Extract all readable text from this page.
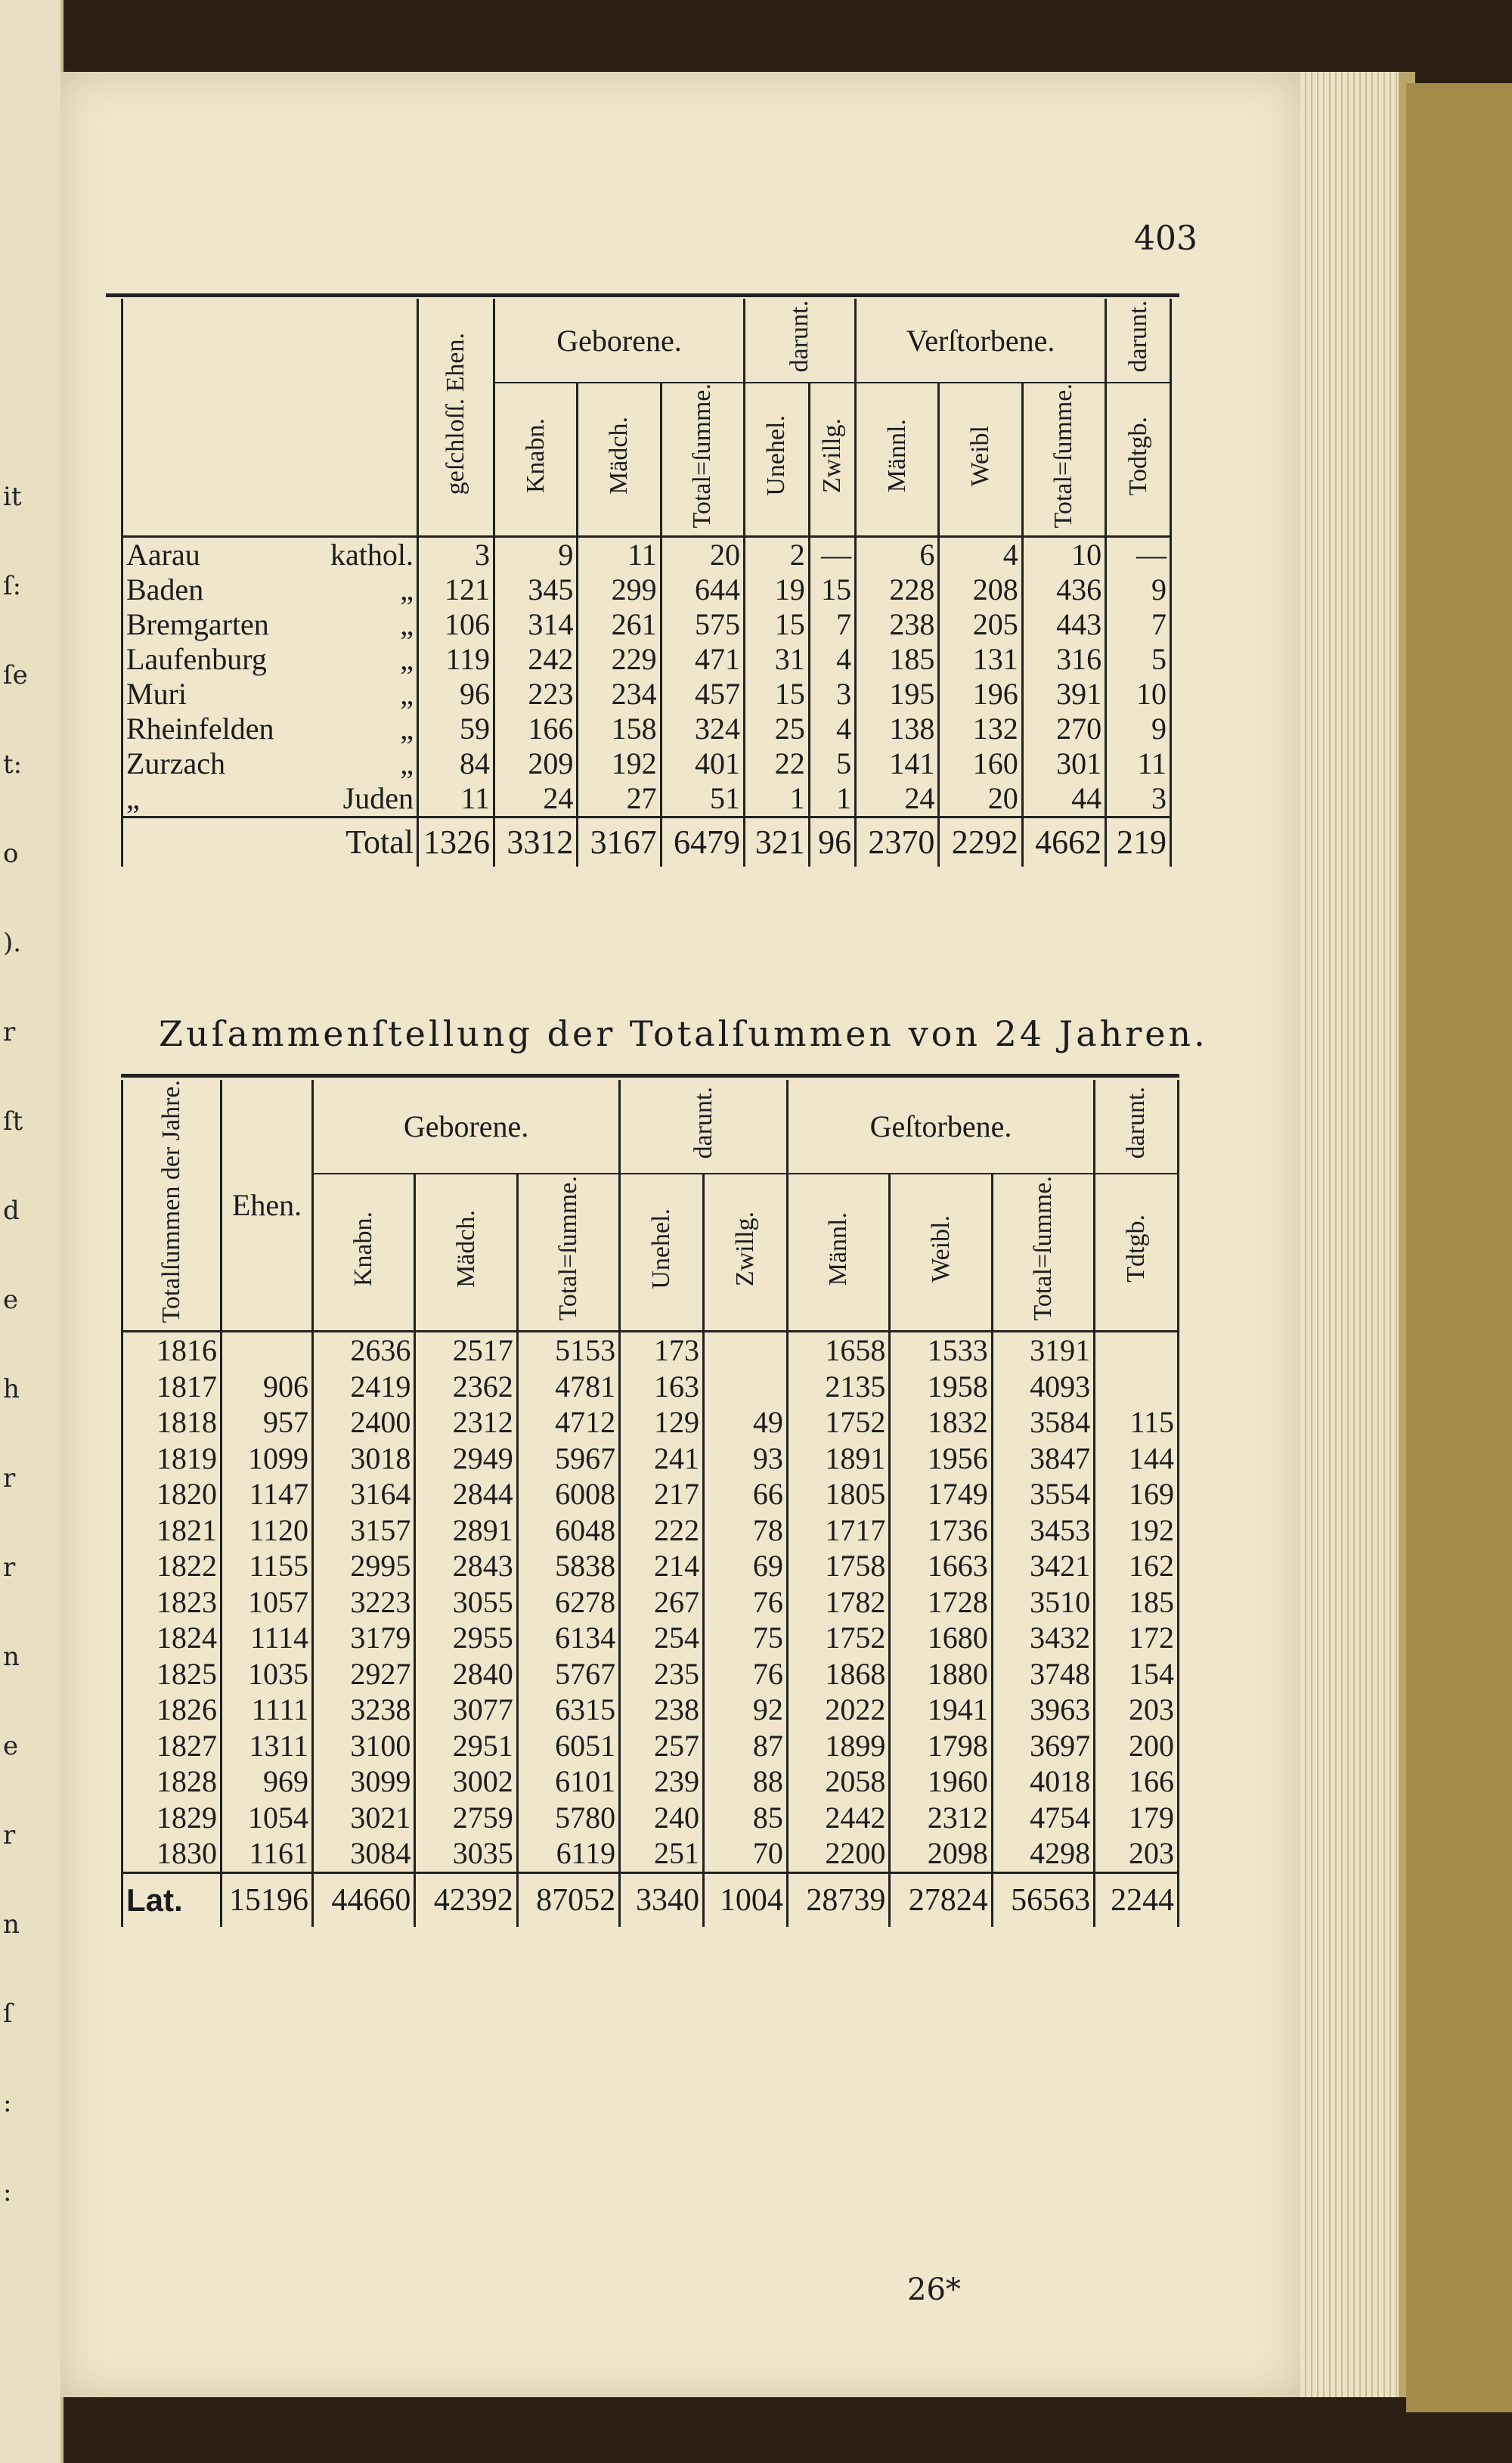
it
ſ:
ſe
t:
o
).
r
ſt
d
e
h
r
r
n
e
r
n
ſ
:
:
403
	geſchloſſ. Ehen.	Geborene.			darunt.		Verſtorbene.			darunt.
		Knabn.	Mädch.	Total=ſumme.	Unehel.	Zwillg.	Männl.	Weibl	Total=ſumme.	Todtgb.
Aarau kathol.	3	9	11	20	2	—	6	4	10	—
Baden „	121	345	299	644	19	15	228	208	436	9
Bremgarten „	106	314	261	575	15	7	238	205	443	7
Laufenburg „	119	242	229	471	31	4	185	131	316	5
Muri „	96	223	234	457	15	3	195	196	391	10
Rheinfelden „	59	166	158	324	25	4	138	132	270	9
Zurzach „	84	209	192	401	22	5	141	160	301	11
„ Juden	11	24	27	51	1	1	24	20	44	3
Total	1326	3312	3167	6479	321	96	2370	2292	4662	219
Zuſammenſtellung der Totalſummen von 24 Jahren.
Totalſummen der Jahre.	Ehen.	Geborene.			darunt.		Geſtorbene.			darunt.
		Knabn.	Mädch.	Total=ſumme.	Unehel.	Zwillg.	Männl.	Weibl.	Total=ſumme.	Tdtgb.
1816		2636	2517	5153	173		1658	1533	3191	
1817	906	2419	2362	4781	163		2135	1958	4093	
1818	957	2400	2312	4712	129	49	1752	1832	3584	115
1819	1099	3018	2949	5967	241	93	1891	1956	3847	144
1820	1147	3164	2844	6008	217	66	1805	1749	3554	169
1821	1120	3157	2891	6048	222	78	1717	1736	3453	192
1822	1155	2995	2843	5838	214	69	1758	1663	3421	162
1823	1057	3223	3055	6278	267	76	1782	1728	3510	185
1824	1114	3179	2955	6134	254	75	1752	1680	3432	172
1825	1035	2927	2840	5767	235	76	1868	1880	3748	154
1826	1111	3238	3077	6315	238	92	2022	1941	3963	203
1827	1311	3100	2951	6051	257	87	1899	1798	3697	200
1828	969	3099	3002	6101	239	88	2058	1960	4018	166
1829	1054	3021	2759	5780	240	85	2442	2312	4754	179
1830	1161	3084	3035	6119	251	70	2200	2098	4298	203
Lat.	15196	44660	42392	87052	3340	1004	28739	27824	56563	2244
26*
